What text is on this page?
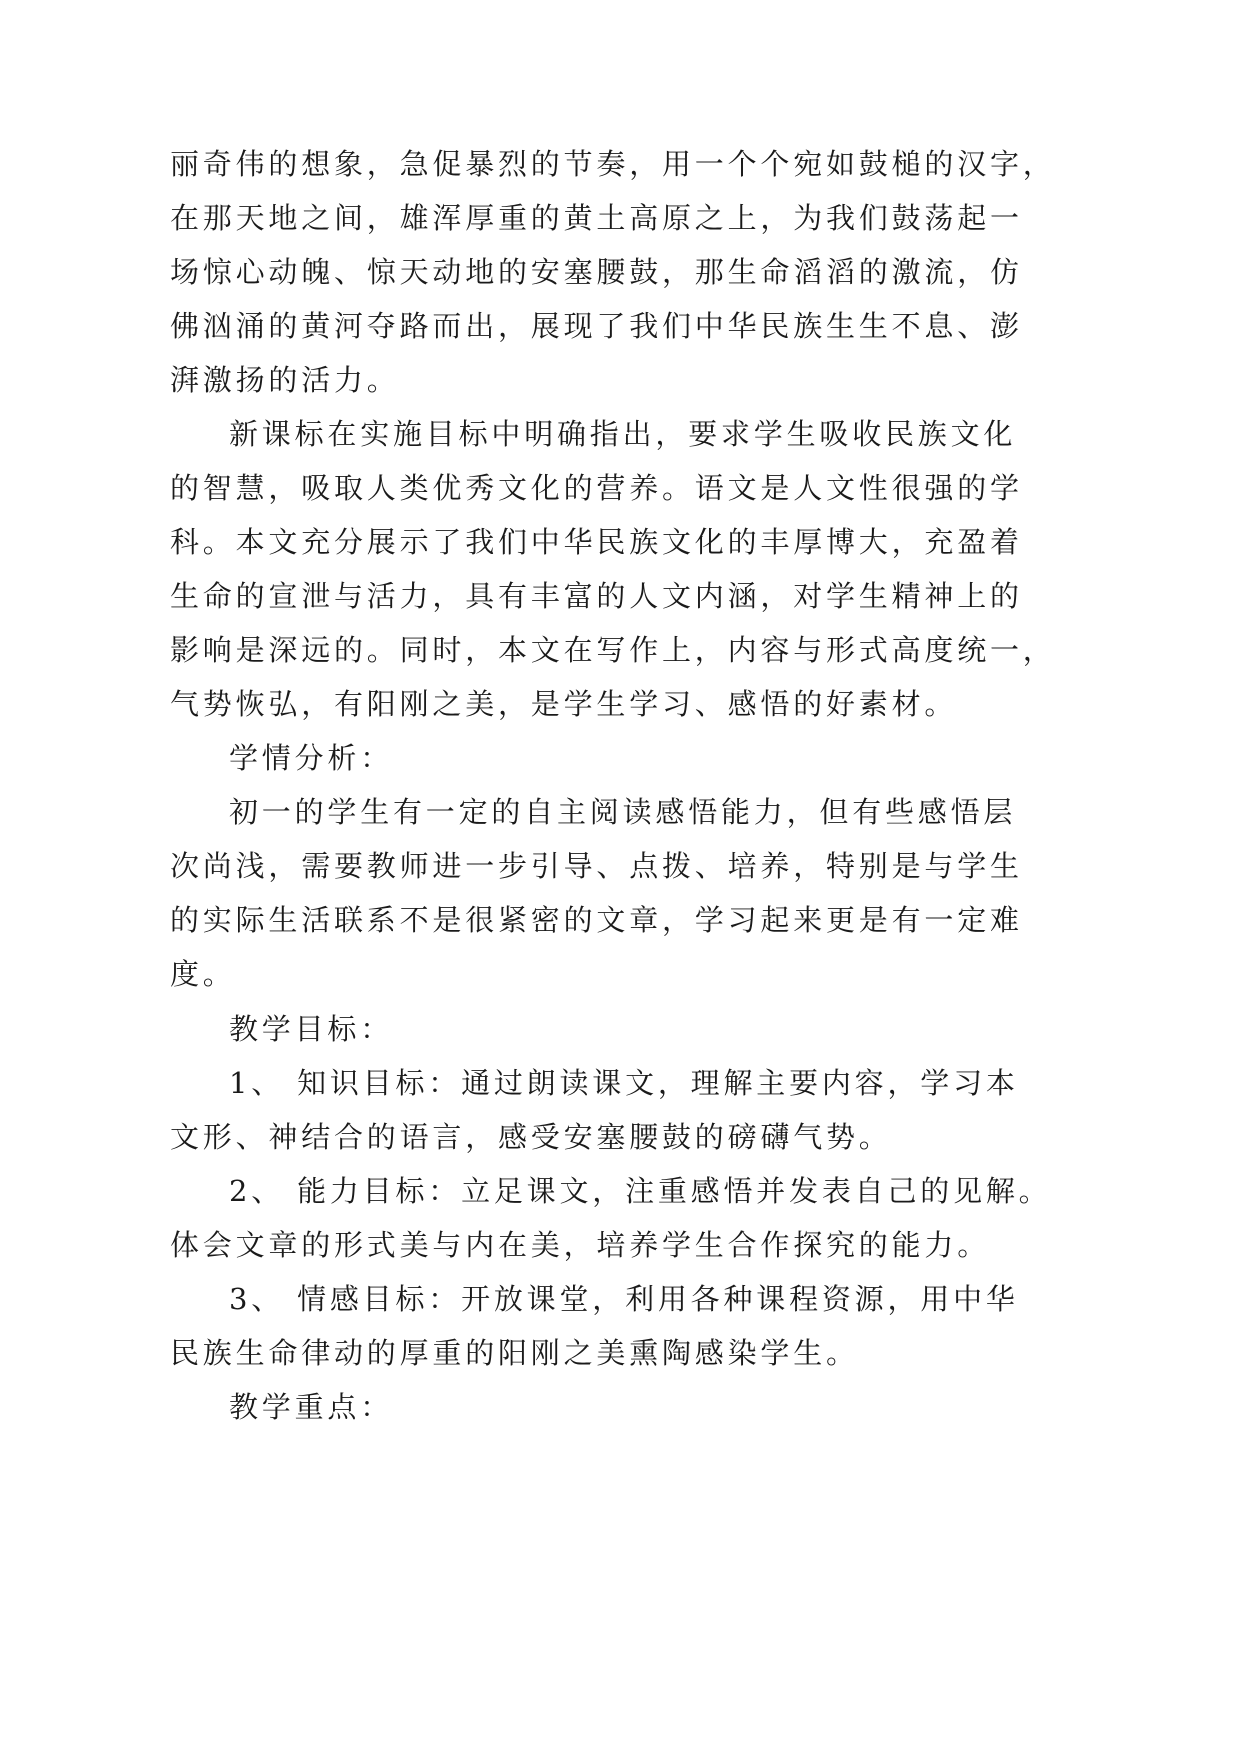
丽奇伟的想象，急促暴烈的节奏，用一个个宛如鼓槌的汉字，
在那天地之间，雄浑厚重的黄土高原之上，为我们鼓荡起一
场惊心动魄、惊天动地的安塞腰鼓，那生命滔滔的激流，仿
佛汹涌的黄河夺路而出，展现了我们中华民族生生不息、澎
湃激扬的活力。
新课标在实施目标中明确指出，要求学生吸收民族文化
的智慧，吸取人类优秀文化的营养。语文是人文性很强的学
科。本文充分展示了我们中华民族文化的丰厚博大，充盈着
生命的宣泄与活力，具有丰富的人文内涵，对学生精神上的
影响是深远的。同时，本文在写作上，内容与形式高度统一，
气势恢弘，有阳刚之美，是学生学习、感悟的好素材。
学情分析：
初一的学生有一定的自主阅读感悟能力，但有些感悟层
次尚浅，需要教师进一步引导、点拨、培养，特别是与学生
的实际生活联系不是很紧密的文章，学习起来更是有一定难
度。
教学目标：
1、 知识目标：通过朗读课文，理解主要内容，学习本
文形、神结合的语言，感受安塞腰鼓的磅礴气势。
2、 能力目标：立足课文，注重感悟并发表自己的见解。
体会文章的形式美与内在美，培养学生合作探究的能力。
3、 情感目标：开放课堂，利用各种课程资源，用中华
民族生命律动的厚重的阳刚之美熏陶感染学生。
教学重点：
